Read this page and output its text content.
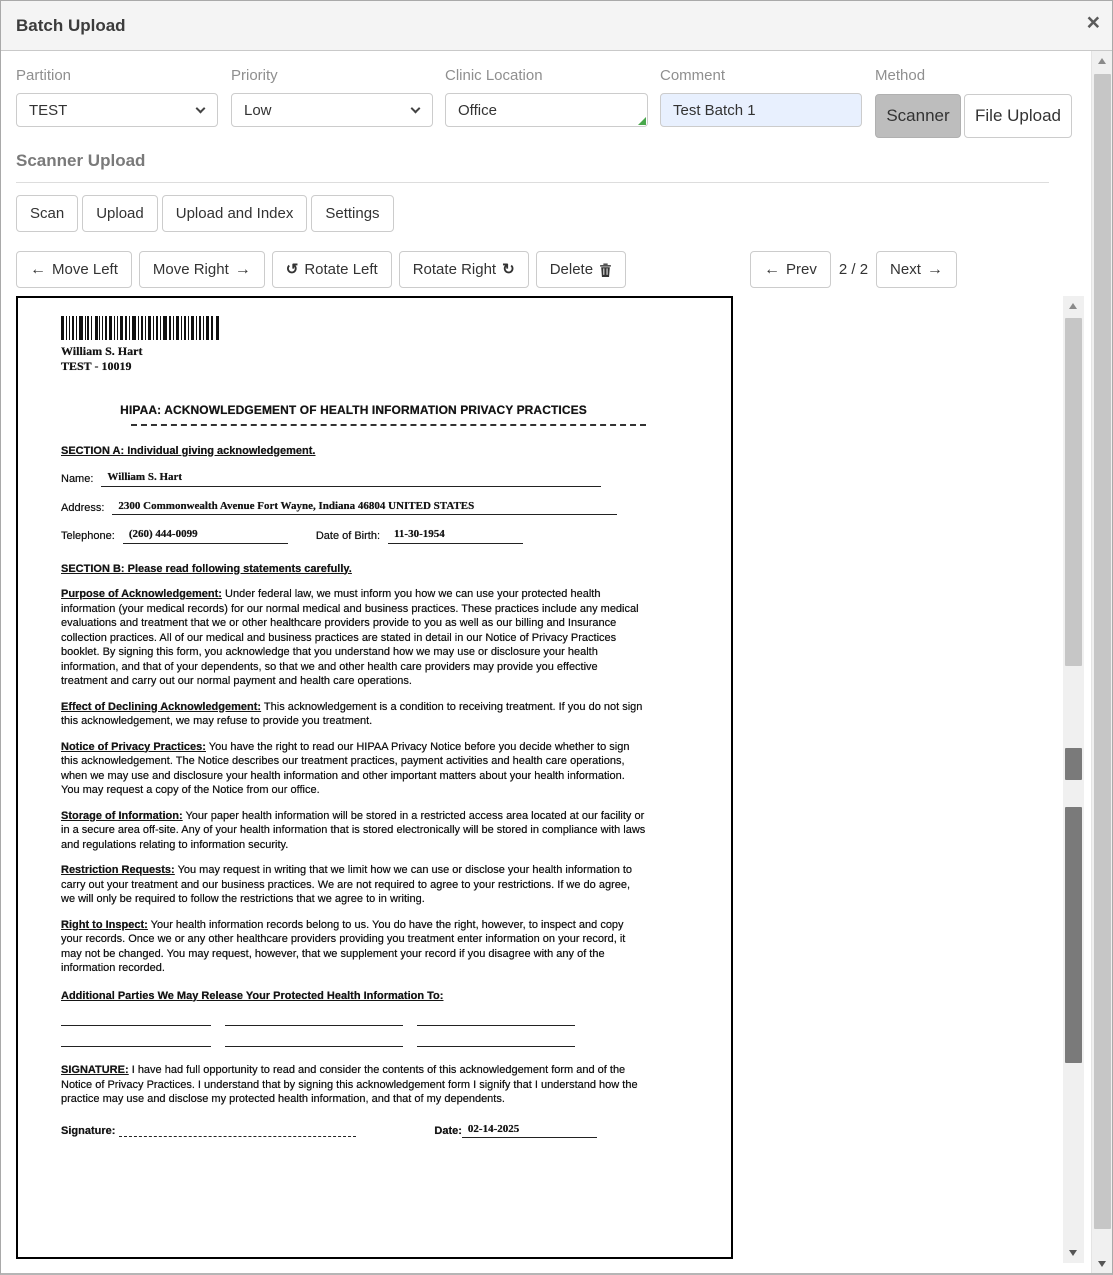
Batch Upload	×
Partition	Priority	Clinic Location	Comment	Method
TEST	Low	Office	Test Batch 1	Scanner	File Upload
Scanner Upload
Scan Upload Upload and Index Settings
← Move Left Move Right → ↺ Rotate Left Rotate Right ↻ Delete	← Prev 2 / 2 Next →
William S. Hart
TEST - 10019
HIPAA: ACKNOWLEDGEMENT OF HEALTH INFORMATION PRIVACY PRACTICES
SECTION A: Individual giving acknowledgement.
Name:	William S. Hart
Address:	2300 Commonwealth Avenue Fort Wayne, Indiana 46804 UNITED STATES
Telephone:	(260) 444-0099	Date of Birth:	11-30-1954
SECTION B: Please read following statements carefully.

Purpose of Acknowledgement: Under federal law, we must inform you how we can use your protected health information (your medical records) for our normal medical and business practices. These practices include any medical evaluations and treatment that we or other healthcare providers provide to you as well as our billing and Insurance collection practices. All of our medical and business practices are stated in detail in our Notice of Privacy Practices booklet. By signing this form, you acknowledge that you understand how we may use or disclosure your health information, and that of your dependents, so that we and other health care providers may provide you effective treatment and carry out our normal payment and health care operations.

Effect of Declining Acknowledgement: This acknowledgement is a condition to receiving treatment. If you do not sign this acknowledgement, we may refuse to provide you treatment.

Notice of Privacy Practices: You have the right to read our HIPAA Privacy Notice before you decide whether to sign this acknowledgement. The Notice describes our treatment practices, payment activities and health care operations, when we may use and disclosure your health information and other important matters about your health information. You may request a copy of the Notice from our office.

Storage of Information: Your paper health information will be stored in a restricted access area located at our facility or in a secure area off-site. Any of your health information that is stored electronically will be stored in compliance with laws and regulations relating to information security.

Restriction Requests: You may request in writing that we limit how we can use or disclose your health information to carry out your treatment and our business practices. We are not required to agree to your restrictions. If we do agree, we will only be required to follow the restrictions that we agree to in writing.

Right to Inspect: Your health information records belong to us. You do have the right, however, to inspect and copy your records. Once we or any other healthcare providers providing you treatment enter information on your record, it may not be changed. You may request, however, that we supplement your record if you disagree with any of the information recorded.

Additional Parties We May Release Your Protected Health Information To:

SIGNATURE: I have had full opportunity to read and consider the contents of this acknowledgement form and of the Notice of Privacy Practices. I understand that by signing this acknowledgement form I signify that I understand how the practice may use and disclose my protected health information, and that of my dependents.

Signature:	Date: 02-14-2025
